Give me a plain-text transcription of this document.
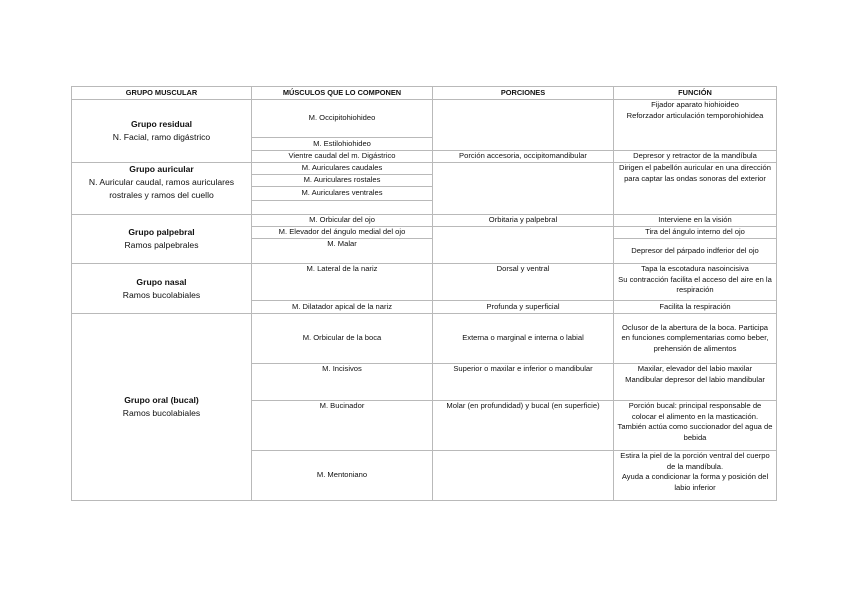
GRUPO MUSCULAR	MÚSCULOS QUE LO COMPONEN	PORCIONES	FUNCIÓN

Grupo residual
N. Facial, ramo digástrico	M. Occipitohiohideo		Fijador aparato hiohioideo
Reforzador articulación temporohiohidea

	M. Estilohiohideo		
	Vientre caudal del m. Digástrico	Porción accesoria, occipitomandibular	Depresor y retractor de la mandíbula

Grupo auricular
N. Auricular caudal, ramos auriculares rostrales y ramos del cuello	M. Auriculares caudales		Dirigen el pabellón auricular en una dirección para captar las ondas sonoras del exterior
	M. Auriculares rostales		
	M. Auriculares ventrales		

Grupo palpebral
Ramos palpebrales	M. Orbicular del ojo	Orbitaria y palpebral	Interviene en la visión
	M. Elevador del ángulo medial del ojo		Tira del ángulo interno del ojo
	M. Malar		Depresor del párpado indferior del ojo

Grupo nasal
Ramos bucolabiales	M. Lateral de la nariz	Dorsal y ventral	Tapa la escotadura nasoincisiva
Su contracción facilita el acceso del aire en la respiración

	M. Dilatador apical de la nariz	Profunda y superficial	Facilita la respiración

Grupo oral (bucal)
Ramos bucolabiales	M. Orbicular de la boca	Externa o marginal e interna o labial	Oclusor de la abertura de la boca. Participa en funciones complementarias como beber, prehensión de alimentos
	M. Incisivos	Superior o maxilar e inferior o mandibular	Maxilar, elevador del labio maxilar
Mandibular depresor del labio mandibular

	M. Bucinador	Molar (en profundidad) y bucal (en superficie)	Porción bucal: principal responsable de colocar el alimento en la masticación. También actúa como succionador del agua de bebida
	M. Mentoniano		Estira la piel de la porción ventral del cuerpo de la mandíbula.
Ayuda a condicionar la forma y posición del labio inferior
